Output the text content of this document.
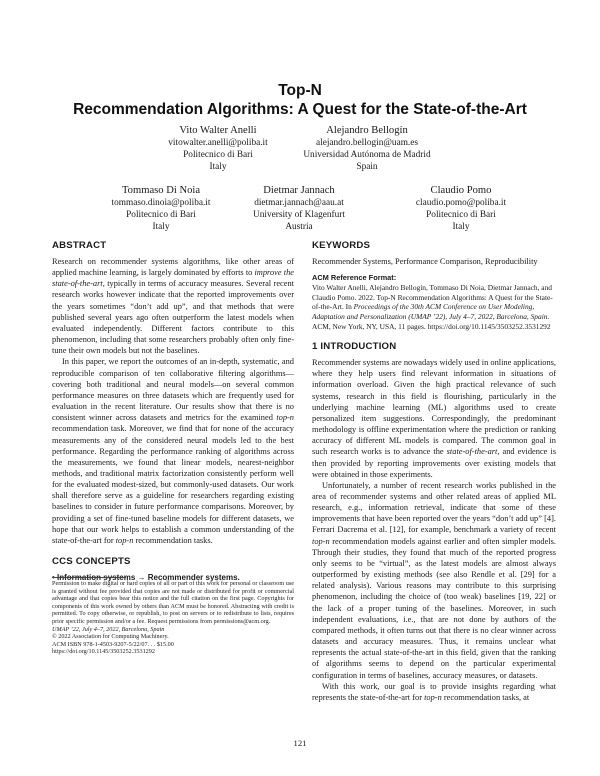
Top-N
Recommendation Algorithms: A Quest for the State-of-the-Art
Vito Walter Anelli
vitowalter.anelli@poliba.it
Politecnico di Bari
Italy
Alejandro Bellogín
alejandro.bellogin@uam.es
Universidad Autónoma de Madrid
Spain
Tommaso Di Noia
tommaso.dinoia@poliba.it
Politecnico di Bari
Italy
Dietmar Jannach
dietmar.jannach@aau.at
University of Klagenfurt
Austria
Claudio Pomo
claudio.pomo@poliba.it
Politecnico di Bari
Italy
ABSTRACT

Research on recommender systems algorithms, like other areas of applied machine learning, is largely dominated by efforts to improve the state-of-the-art, typically in terms of accuracy measures. Several recent research works however indicate that the reported improvements over the years sometimes “don’t add up”, and that methods that were published several years ago often outperform the latest models when evaluated independently. Different factors contribute to this phenomenon, including that some researchers probably often only fine-tune their own models but not the baselines.

In this paper, we report the outcomes of an in-depth, systematic, and reproducible comparison of ten collaborative filtering algorithms—covering both traditional and neural models—on several common performance measures on three datasets which are frequently used for evaluation in the recent literature. Our results show that there is no consistent winner across datasets and metrics for the examined top-n recommendation task. Moreover, we find that for none of the accuracy measurements any of the considered neural models led to the best performance. Regarding the performance ranking of algorithms across the measurements, we found that linear models, nearest-neighbor methods, and traditional matrix factorization consistently perform well for the evaluated modest-sized, but commonly-used datasets. Our work shall therefore serve as a guideline for researchers regarding existing baselines to consider in future performance comparisons. Moreover, by providing a set of fine-tuned baseline models for different datasets, we hope that our work helps to establish a common understanding of the state-of-the-art for top-n recommendation tasks.

CCS CONCEPTS
• Information systems → Recommender systems.

Permission to make digital or hard copies of all or part of this work for personal or classroom use is granted without fee provided that copies are not made or distributed for profit or commercial advantage and that copies bear this notice and the full citation on the first page. Copyrights for components of this work owned by others than ACM must be honored. Abstracting with credit is permitted. To copy otherwise, or republish, to post on servers or to redistribute to lists, requires prior specific permission and/or a fee. Request permissions from permissions@acm.org.

UMAP ’22, July 4–7, 2022, Barcelona, Spain

© 2022 Association for Computing Machinery.

ACM ISBN 978-1-4503-9207-5/22/07. . . $15.00

https://doi.org/10.1145/3503252.3531292

KEYWORDS

Recommender Systems, Performance Comparison, Reproducibility

ACM Reference Format:

Vito Walter Anelli, Alejandro Bellogín, Tommaso Di Noia, Dietmar Jannach, and Claudio Pomo. 2022. Top-N Recommendation Algorithms: A Quest for the State-of-the-Art. In Proceedings of the 30th ACM Conference on User Modeling, Adaptation and Personalization (UMAP ’22), July 4–7, 2022, Barcelona, Spain. ACM, New York, NY, USA, 11 pages. https://doi.org/10.1145/3503252.3531292

1 INTRODUCTION

Recommender systems are nowadays widely used in online applications, where they help users find relevant information in situations of information overload. Given the high practical relevance of such systems, research in this field is flourishing, particularly in the underlying machine learning (ML) algorithms used to create personalized item suggestions. Correspondingly, the predominant methodology is offline experimentation where the prediction or ranking accuracy of different ML models is compared. The common goal in such research works is to advance the state-of-the-art, and evidence is then provided by reporting improvements over existing models that were obtained in those experiments.

Unfortunately, a number of recent research works published in the area of recommender systems and other related areas of applied ML research, e.g., information retrieval, indicate that some of these improvements that have been reported over the years “don’t add up” [4]. Ferrari Dacrema et al. [12], for example, benchmark a variety of recent top-n recommendation models against earlier and often simpler models. Through their studies, they found that much of the reported progress only seems to be “virtual”, as the latest models are almost always outperformed by existing methods (see also Rendle et al. [29] for a related analysis). Various reasons may contribute to this surprising phenomenon, including the choice of (too weak) baselines [19, 22] or the lack of a proper tuning of the baselines. Moreover, in such independent evaluations, i.e., that are not done by authors of the compared methods, it often turns out that there is no clear winner across datasets and accuracy measures. Thus, it remains unclear what represents the actual state-of-the-art in this field, given that the ranking of algorithms seems to depend on the particular experimental configuration in terms of baselines, accuracy measures, or datasets.

With this work, our goal is to provide insights regarding what represents the state-of-the-art for top-n recommendation tasks, at

121
